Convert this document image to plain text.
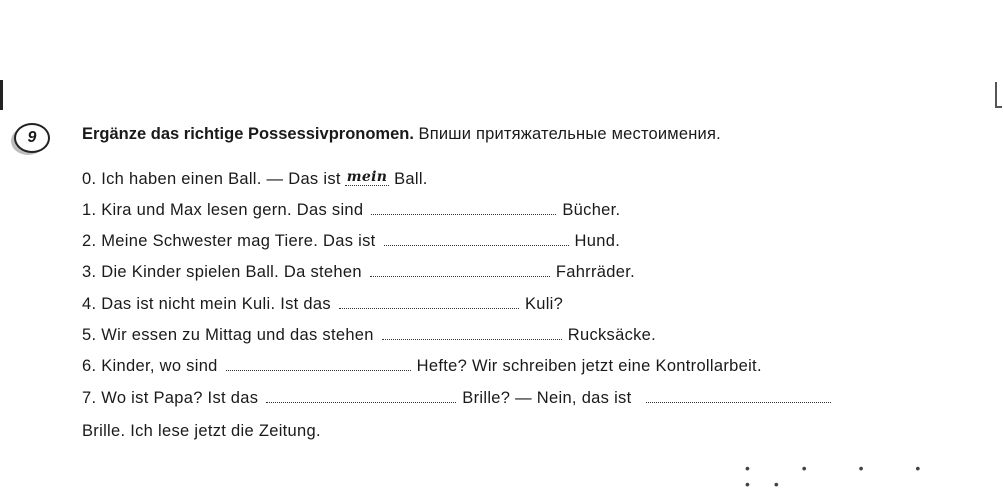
9	Ergänze das richtige Possessivpronomen. Впиши притяжательные местоимения.
0. Ich haben einen Ball. — Das ist mein Ball.
1. Kira und Max lesen gern. Das sind	Bücher.
2. Meine Schwester mag Tiere. Das ist	Hund.
3. Die Kinder spielen Ball. Da stehen	Fahrräder.
4. Das ist nicht mein Kuli. Ist das	Kuli?
5. Wir essen zu Mittag und das stehen	Rucksäcke.
6. Kinder, wo sind	Hefte? Wir schreiben jetzt eine Kontrollarbeit.
7. Wo ist Papa? Ist das	Brille? — Nein, das ist
Brille. Ich lese jetzt die Zeitung.
• • • • ••
